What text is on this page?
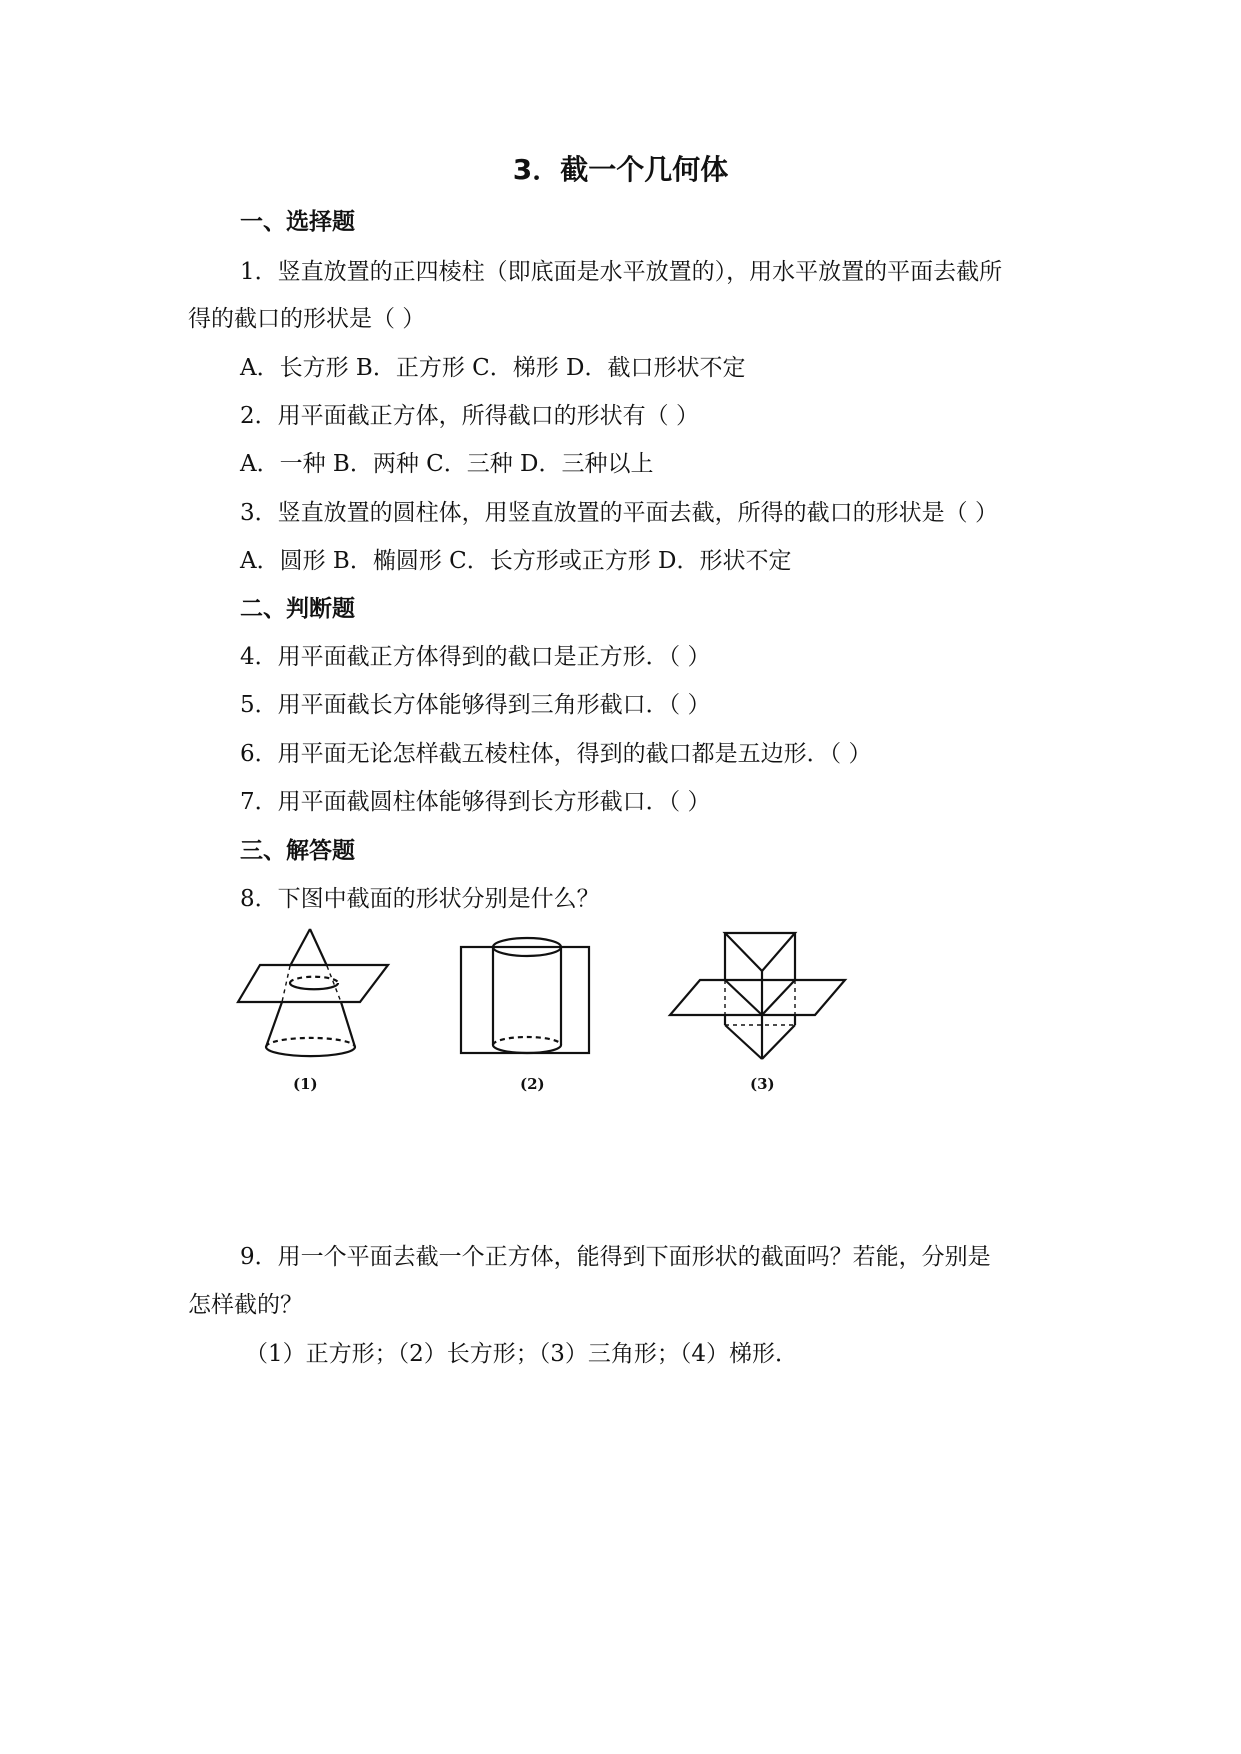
3．截一个几何体
一、选择题
1．竖直放置的正四棱柱（即底面是水平放置的），用水平放置的平面去截所
得的截口的形状是（ ）
A．长方形 B．正方形 C．梯形 D．截口形状不定
2．用平面截正方体，所得截口的形状有（ ）
A．一种 B．两种 C．三种 D．三种以上
3．竖直放置的圆柱体，用竖直放置的平面去截，所得的截口的形状是（ ）
A．圆形 B．椭圆形 C．长方形或正方形 D．形状不定
二、判断题
4．用平面截正方体得到的截口是正方形．（ ）
5．用平面截长方体能够得到三角形截口．（ ）
6．用平面无论怎样截五棱柱体，得到的截口都是五边形．（ ）
7．用平面截圆柱体能够得到长方形截口．（ ）
三、解答题
8．下图中截面的形状分别是什么？
(1)	(2)	(3)
9．用一个平面去截一个正方体，能得到下面形状的截面吗？若能，分别是
怎样截的？
（1）正方形；（2）长方形；（3）三角形；（4）梯形．
